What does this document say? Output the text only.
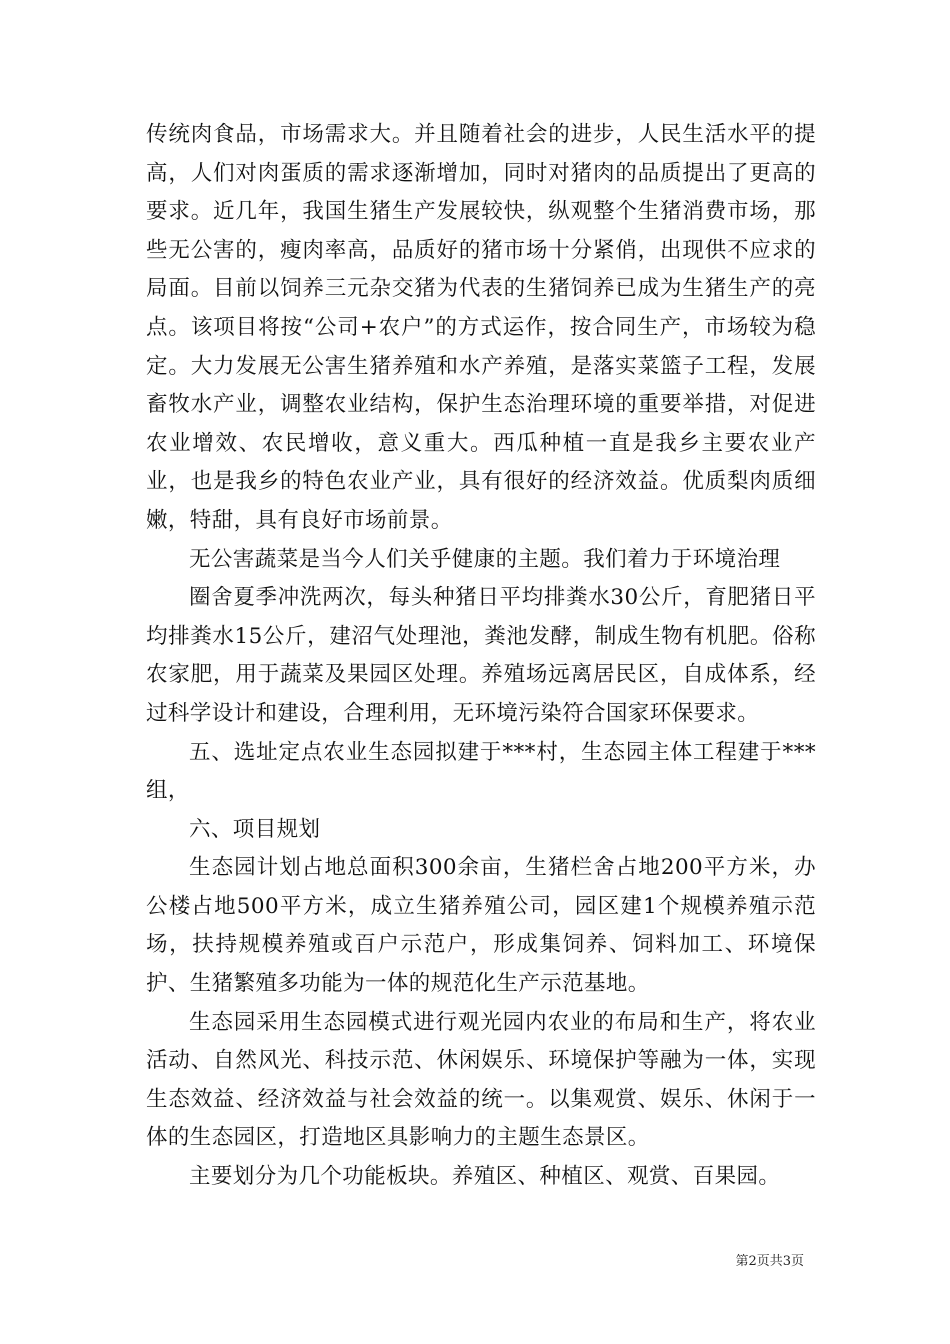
传统肉食品，市场需求大。并且随着社会的进步，人民生活水平的提高，人们对肉蛋质的需求逐渐增加，同时对猪肉的品质提出了更高的要求。近几年，我国生猪生产发展较快，纵观整个生猪消费市场，那些无公害的，瘦肉率高，品质好的猪市场十分紧俏，出现供不应求的局面。目前以饲养三元杂交猪为代表的生猪饲养已成为生猪生产的亮点。该项目将按“公司+农户”的方式运作，按合同生产，市场较为稳定。大力发展无公害生猪养殖和水产养殖，是落实菜篮子工程，发展畜牧水产业，调整农业结构，保护生态治理环境的重要举措，对促进农业增效、农民增收，意义重大。西瓜种植一直是我乡主要农业产业，也是我乡的特色农业产业，具有很好的经济效益。优质梨肉质细嫩，特甜，具有良好市场前景。

无公害蔬菜是当今人们关乎健康的主题。我们着力于环境治理

圈舍夏季冲洗两次，每头种猪日平均排粪水30公斤，育肥猪日平均排粪水15公斤，建沼气处理池，粪池发酵，制成生物有机肥。俗称农家肥，用于蔬菜及果园区处理。养殖场远离居民区，自成体系，经过科学设计和建设，合理利用，无环境污染符合国家环保要求。

五、选址定点农业生态园拟建于***村，生态园主体工程建于***组，

六、项目规划

生态园计划占地总面积300余亩，生猪栏舍占地200平方米，办公楼占地500平方米，成立生猪养殖公司，园区建1个规模养殖示范场，扶持规模养殖或百户示范户，形成集饲养、饲料加工、环境保护、生猪繁殖多功能为一体的规范化生产示范基地。

生态园采用生态园模式进行观光园内农业的布局和生产，将农业活动、自然风光、科技示范、休闲娱乐、环境保护等融为一体，实现生态效益、经济效益与社会效益的统一。以集观赏、娱乐、休闲于一体的生态园区，打造地区具影响力的主题生态景区。

主要划分为几个功能板块。养殖区、种植区、观赏、百果园。

第2页共3页
